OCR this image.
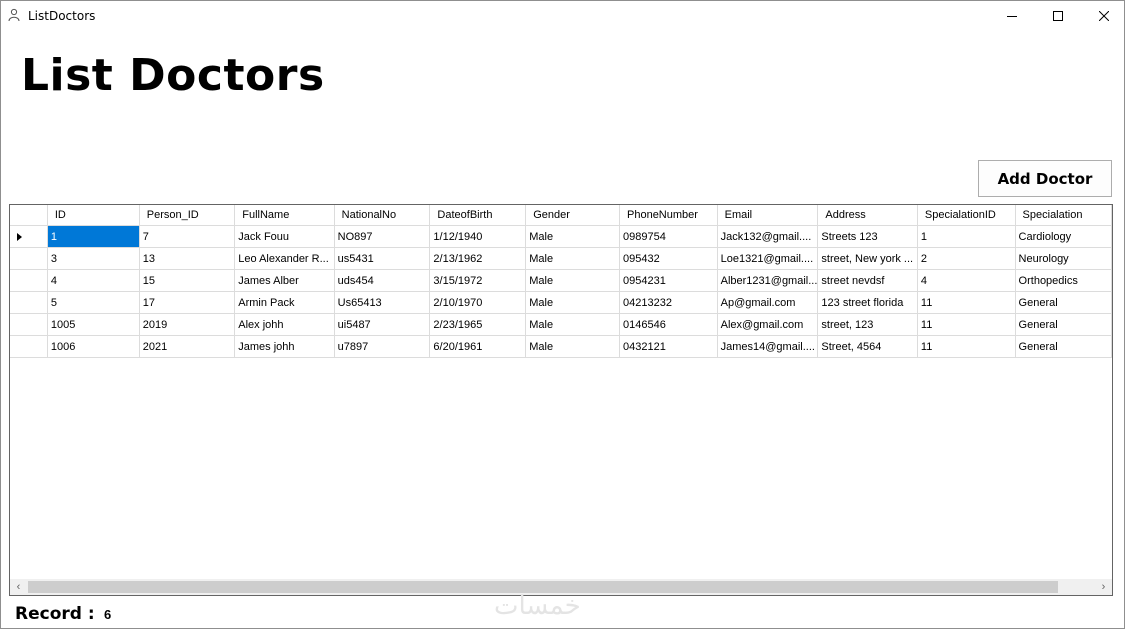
ListDoctors
List Doctors
Add Doctor
	ID	Person_ID	FullName	NationalNo	DateofBirth	Gender	PhoneNumber	Email	Address	SpecialationID	Specialation

	1	7	Jack Fouu	NO897	1/12/1940	Male	0989754	Jack132@gmail....	Streets 123	1	Cardiology
	3	13	Leo Alexander R...	us5431	2/13/1962	Male	095432	Loe1321@gmail....	street, New york ...	2	Neurology
	4	15	James Alber	uds454	3/15/1972	Male	0954231	Alber1231@gmail...	street nevdsf	4	Orthopedics
	5	17	Armin Pack	Us65413	2/10/1970	Male	04213232	Ap@gmail.com	123 street florida	11	General
	1005	2019	Alex johh	ui5487	2/23/1965	Male	0146546	Alex@gmail.com	street, 123	11	General
	1006	2021	James johh	u7897	6/20/1961	Male	0432121	James14@gmail....	Street, 4564	11	General
‹	›
Record : 6	خمسات
